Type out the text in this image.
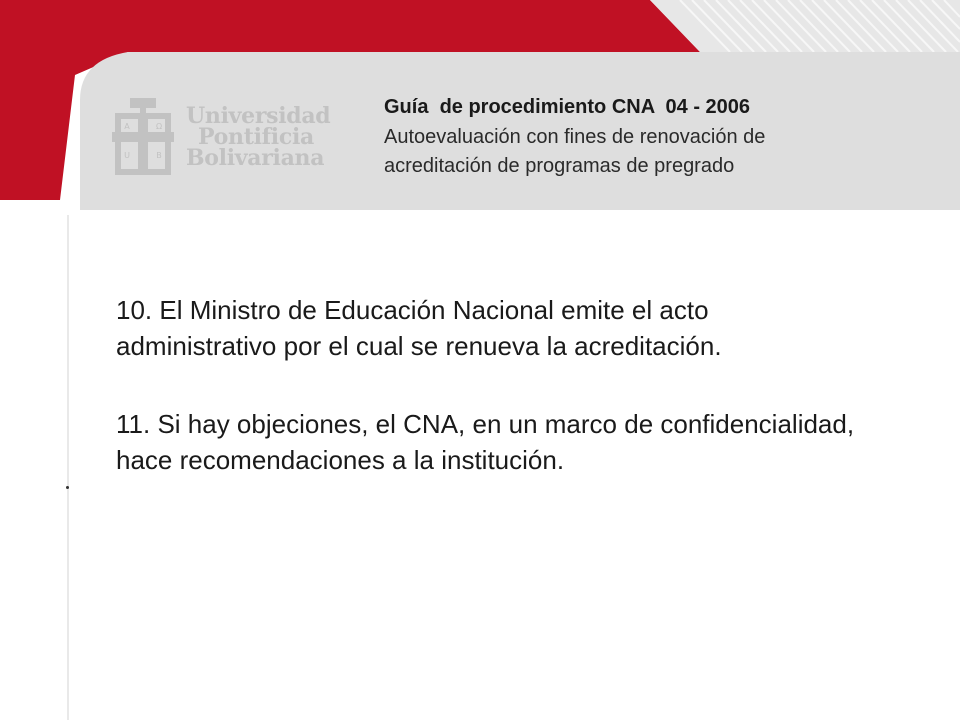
A	Ω
U	B
Universidad
Pontificia
Bolivariana
Guía  de procedimiento CNA  04 - 2006
Autoevaluación con fines de renovación de
acreditación de programas de pregrado

10. El Ministro de Educación Nacional emite el acto administrativo por el cual se renueva la acreditación.

11. Si hay objeciones, el CNA, en un marco de confidencialidad, hace recomendaciones a la institución.
